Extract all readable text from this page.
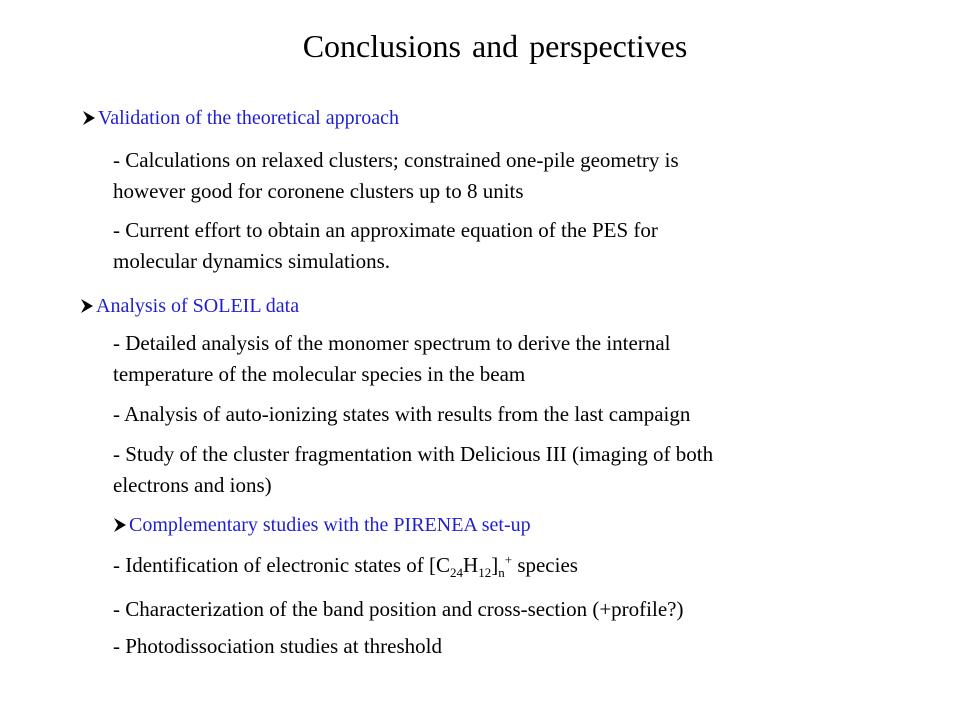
Conclusions and perspectives
Validation of the theoretical approach
- Calculations on relaxed clusters; constrained one-pile geometry is
however good for coronene clusters up to 8 units
- Current effort to obtain an approximate equation of the PES for
molecular dynamics simulations.
Analysis of SOLEIL data
- Detailed analysis of the monomer spectrum to derive the internal
temperature of the molecular species in the beam
- Analysis of auto-ionizing states with results from the last campaign
- Study of the cluster fragmentation with Delicious III (imaging of both
electrons and ions)
Complementary studies with the PIRENEA set-up
- Identification of electronic states of $[C_{24}H_{12}]_n^+$ species
- Characterization of the band position and cross-section (+profile?)
- Photodissociation studies at threshold
